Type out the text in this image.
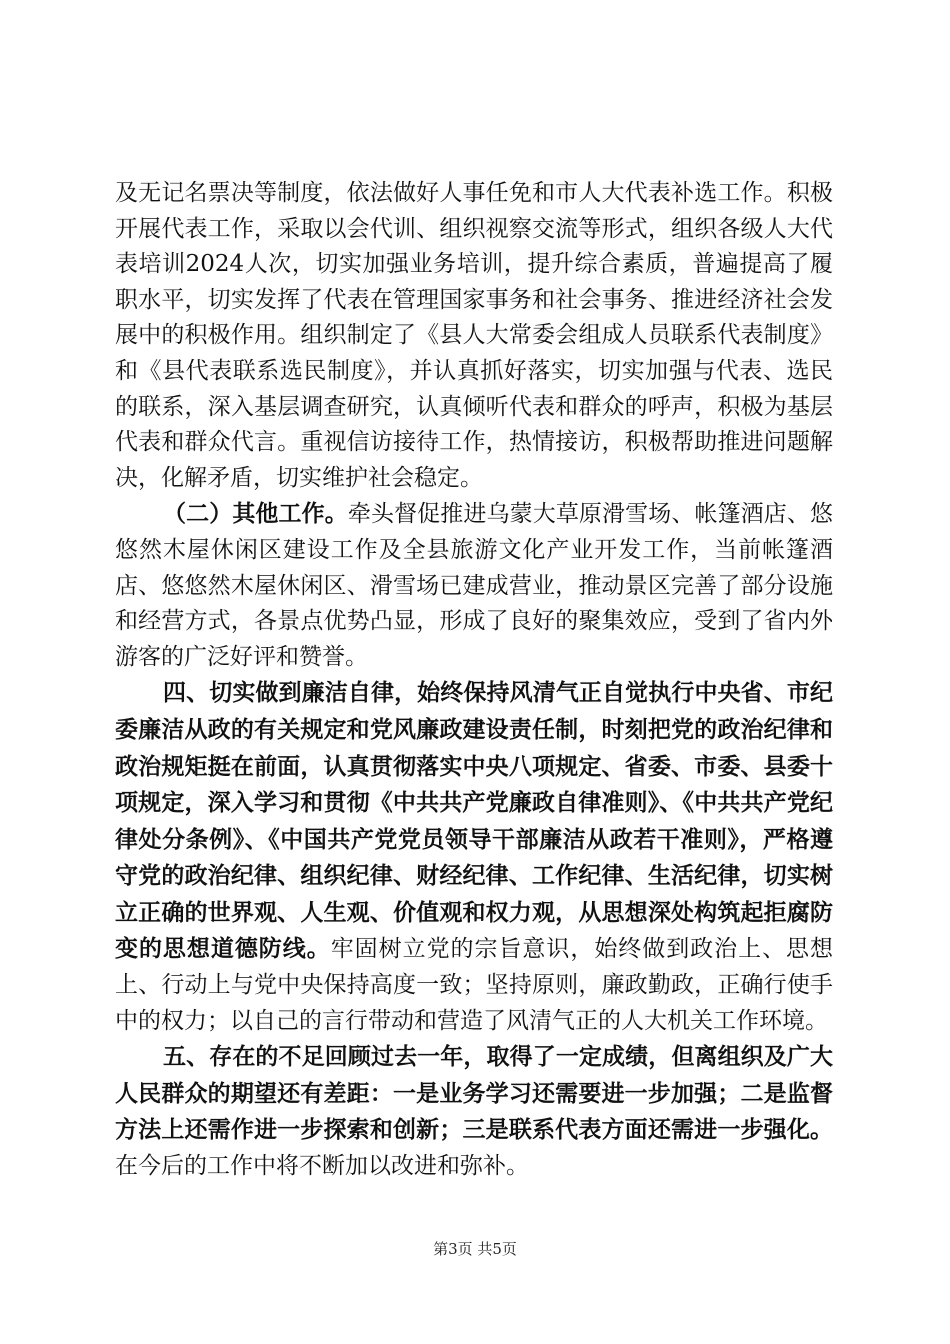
及无记名票决等制度，依法做好人事任免和市人大代表补选工作。积极开展代表工作，采取以会代训、组织视察交流等形式，组织各级人大代表培训2024人次，切实加强业务培训，提升综合素质，普遍提高了履职水平，切实发挥了代表在管理国家事务和社会事务、推进经济社会发展中的积极作用。组织制定了《县人大常委会组成人员联系代表制度》和《县代表联系选民制度》，并认真抓好落实，切实加强与代表、选民的联系，深入基层调查研究，认真倾听代表和群众的呼声，积极为基层代表和群众代言。重视信访接待工作，热情接访，积极帮助推进问题解决，化解矛盾，切实维护社会稳定。

（二）其他工作。牵头督促推进乌蒙大草原滑雪场、帐篷酒店、悠悠然木屋休闲区建设工作及全县旅游文化产业开发工作，当前帐篷酒店、悠悠然木屋休闲区、滑雪场已建成营业，推动景区完善了部分设施和经营方式，各景点优势凸显，形成了良好的聚集效应，受到了省内外游客的广泛好评和赞誉。

四、切实做到廉洁自律，始终保持风清气正自觉执行中央省、市纪委廉洁从政的有关规定和党风廉政建设责任制，时刻把党的政治纪律和政治规矩挺在前面，认真贯彻落实中央八项规定、省委、市委、县委十项规定，深入学习和贯彻《中共共产党廉政自律准则》、《中共共产党纪律处分条例》、《中国共产党党员领导干部廉洁从政若干准则》，严格遵守党的政治纪律、组织纪律、财经纪律、工作纪律、生活纪律，切实树立正确的世界观、人生观、价值观和权力观，从思想深处构筑起拒腐防变的思想道德防线。牢固树立党的宗旨意识，始终做到政治上、思想上、行动上与党中央保持高度一致；坚持原则，廉政勤政，正确行使手中的权力；以自己的言行带动和营造了风清气正的人大机关工作环境。

五、存在的不足回顾过去一年，取得了一定成绩，但离组织及广大人民群众的期望还有差距：一是业务学习还需要进一步加强；二是监督方法上还需作进一步探索和创新；三是联系代表方面还需进一步强化。在今后的工作中将不断加以改进和弥补。

第3页 共5页
